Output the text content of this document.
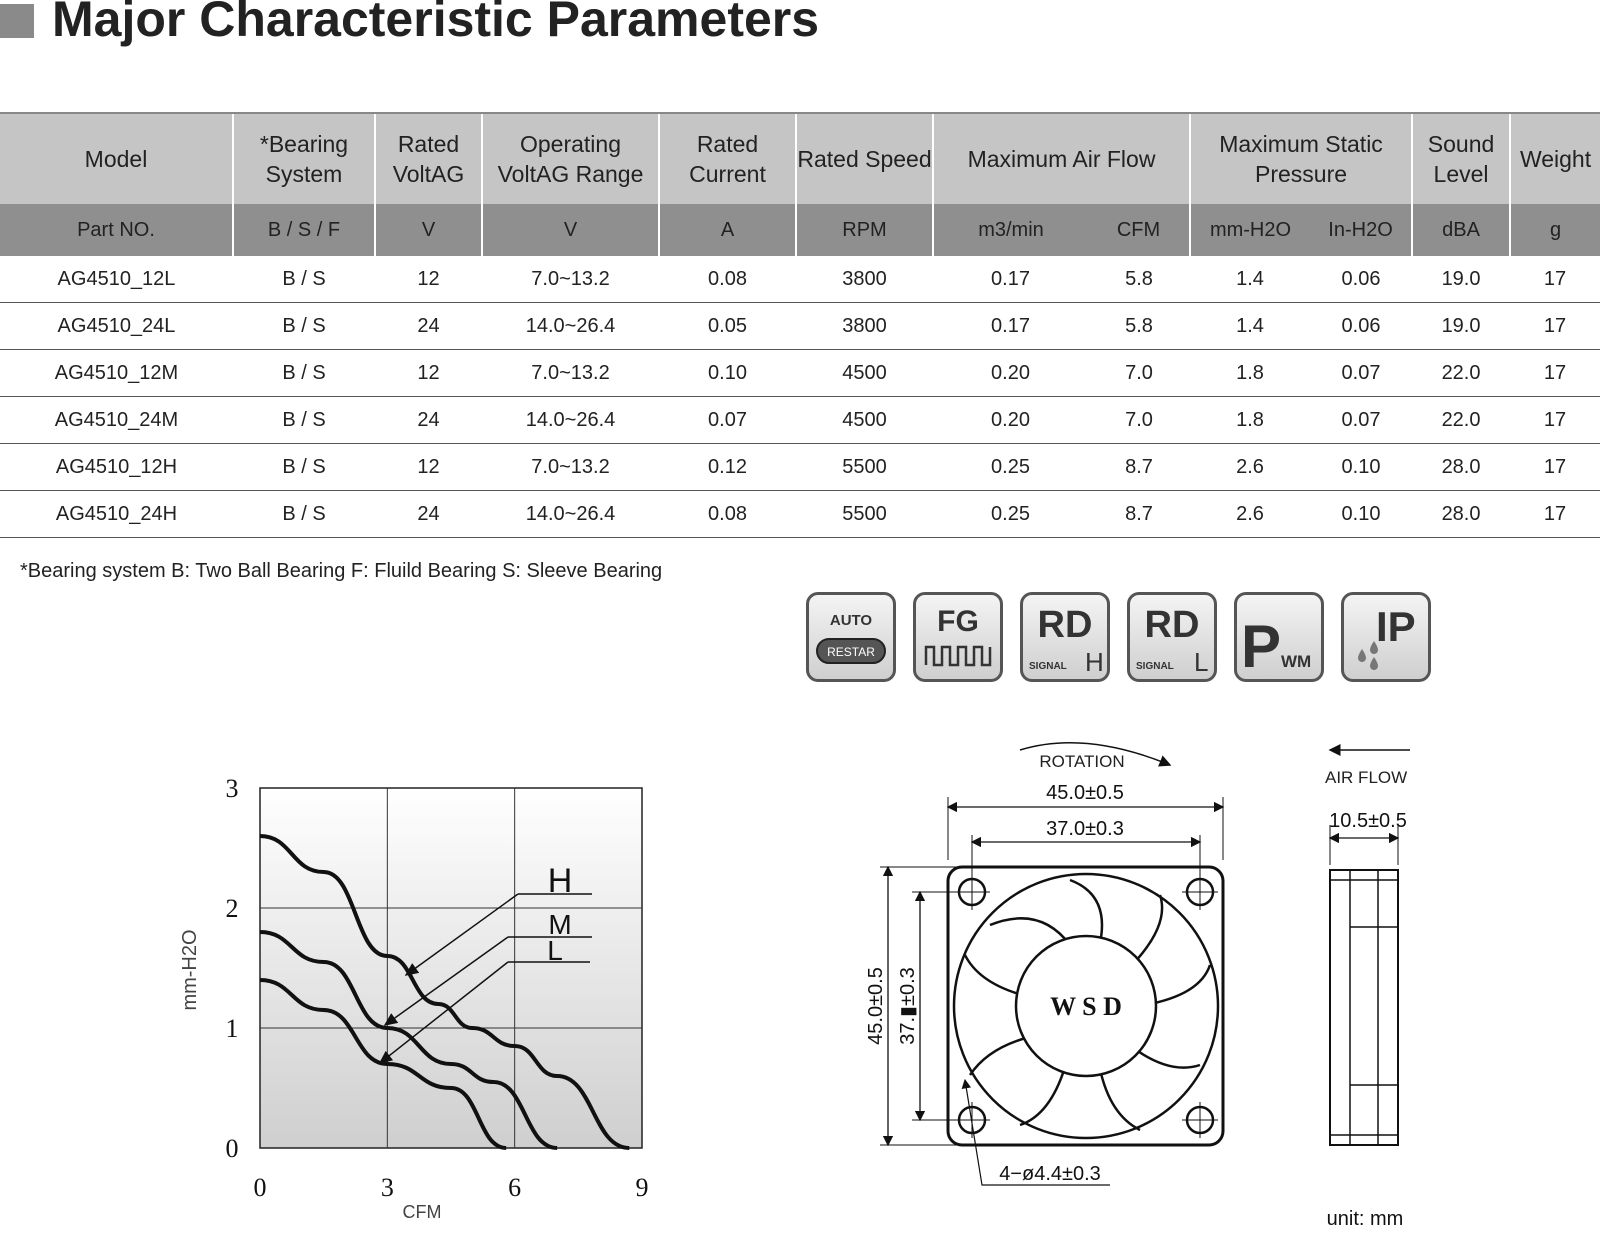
Major Characteristic Parameters
Model	*Bearing System	Rated VoltAG	Operating VoltAG Range	Rated Current	Rated Speed	Maximum Air Flow		Maximum Static Pressure		Sound Level	Weight
Part NO.	B / S / F	V	V	A	RPM	m3/min	CFM	mm-H2O	In-H2O	dBA	g
AG4510_12L	B / S	12	7.0~13.2	0.08	3800	0.17	5.8	1.4	0.06	19.0	17
AG4510_24L	B / S	24	14.0~26.4	0.05	3800	0.17	5.8	1.4	0.06	19.0	17
AG4510_12M	B / S	12	7.0~13.2	0.10	4500	0.20	7.0	1.8	0.07	22.0	17
AG4510_24M	B / S	24	14.0~26.4	0.07	4500	0.20	7.0	1.8	0.07	22.0	17
AG4510_12H	B / S	12	7.0~13.2	0.12	5500	0.25	8.7	2.6	0.10	28.0	17
AG4510_24H	B / S	24	14.0~26.4	0.08	5500	0.25	8.7	2.6	0.10	28.0	17
*Bearing system B: Two Ball Bearing F: Fluild Bearing S: Sleeve Bearing
AUTO
RESTAR
FG RD
SIGNAL H
RD
SIGNAL L P WM
IP
0	3	6	9
0
1
2
3
CFM
mm-H2O
H
M
L
ROTATION
45.0±0.5
37.0±0.3
45.0±0.5 37.▮±0.3	W S D
4−ø4.4±0.3
AIR FLOW
10.5±0.5
unit: mm
